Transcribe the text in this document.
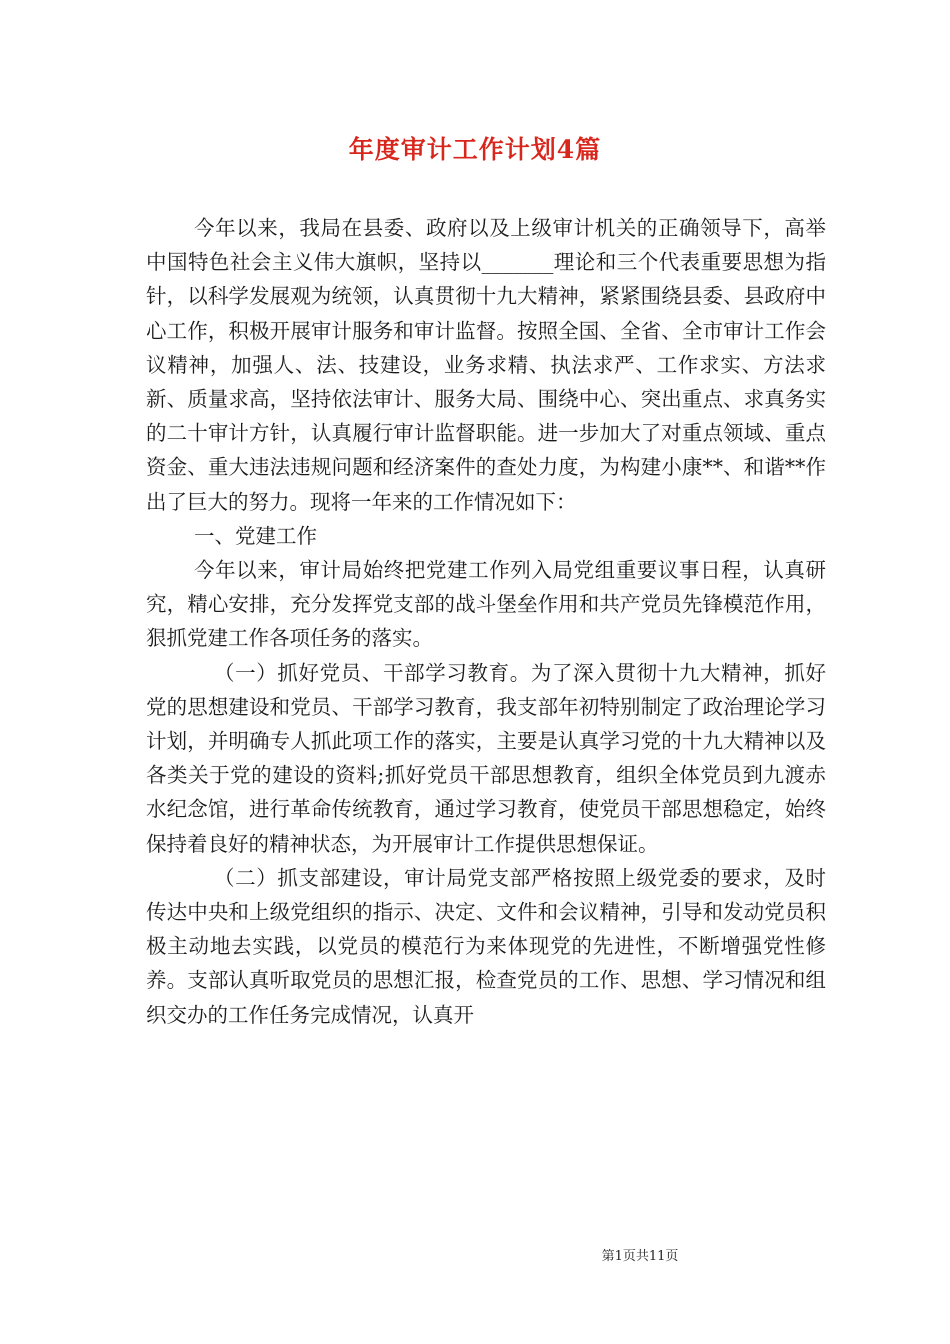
年度审计工作计划4篇

今年以来，我局在县委、政府以及上级审计机关的正确领导下，高举中国特色社会主义伟大旗帜，坚持以_______理论和三个代表重要思想为指针，以科学发展观为统领，认真贯彻十九大精神，紧紧围绕县委、县政府中心工作，积极开展审计服务和审计监督。按照全国、全省、全市审计工作会议精神，加强人、法、技建设，业务求精、执法求严、工作求实、方法求新、质量求高，坚持依法审计、服务大局、围绕中心、突出重点、求真务实的二十审计方针，认真履行审计监督职能。进一步加大了对重点领域、重点资金、重大违法违规问题和经济案件的查处力度，为构建小康**、和谐**作出了巨大的努力。现将一年来的工作情况如下：

一、党建工作

今年以来，审计局始终把党建工作列入局党组重要议事日程，认真研究，精心安排，充分发挥党支部的战斗堡垒作用和共产党员先锋模范作用，狠抓党建工作各项任务的落实。

（一）抓好党员、干部学习教育。为了深入贯彻十九大精神，抓好党的思想建设和党员、干部学习教育，我支部年初特别制定了政治理论学习计划，并明确专人抓此项工作的落实，主要是认真学习党的十九大精神以及各类关于党的建设的资料;抓好党员干部思想教育，组织全体党员到九渡赤水纪念馆，进行革命传统教育，通过学习教育，使党员干部思想稳定，始终保持着良好的精神状态，为开展审计工作提供思想保证。

（二）抓支部建设，审计局党支部严格按照上级党委的要求，及时传达中央和上级党组织的指示、决定、文件和会议精神，引导和发动党员积极主动地去实践，以党员的模范行为来体现党的先进性，不断增强党性修养。支部认真听取党员的思想汇报，检查党员的工作、思想、学习情况和组织交办的工作任务完成情况，认真开

第1页共11页
